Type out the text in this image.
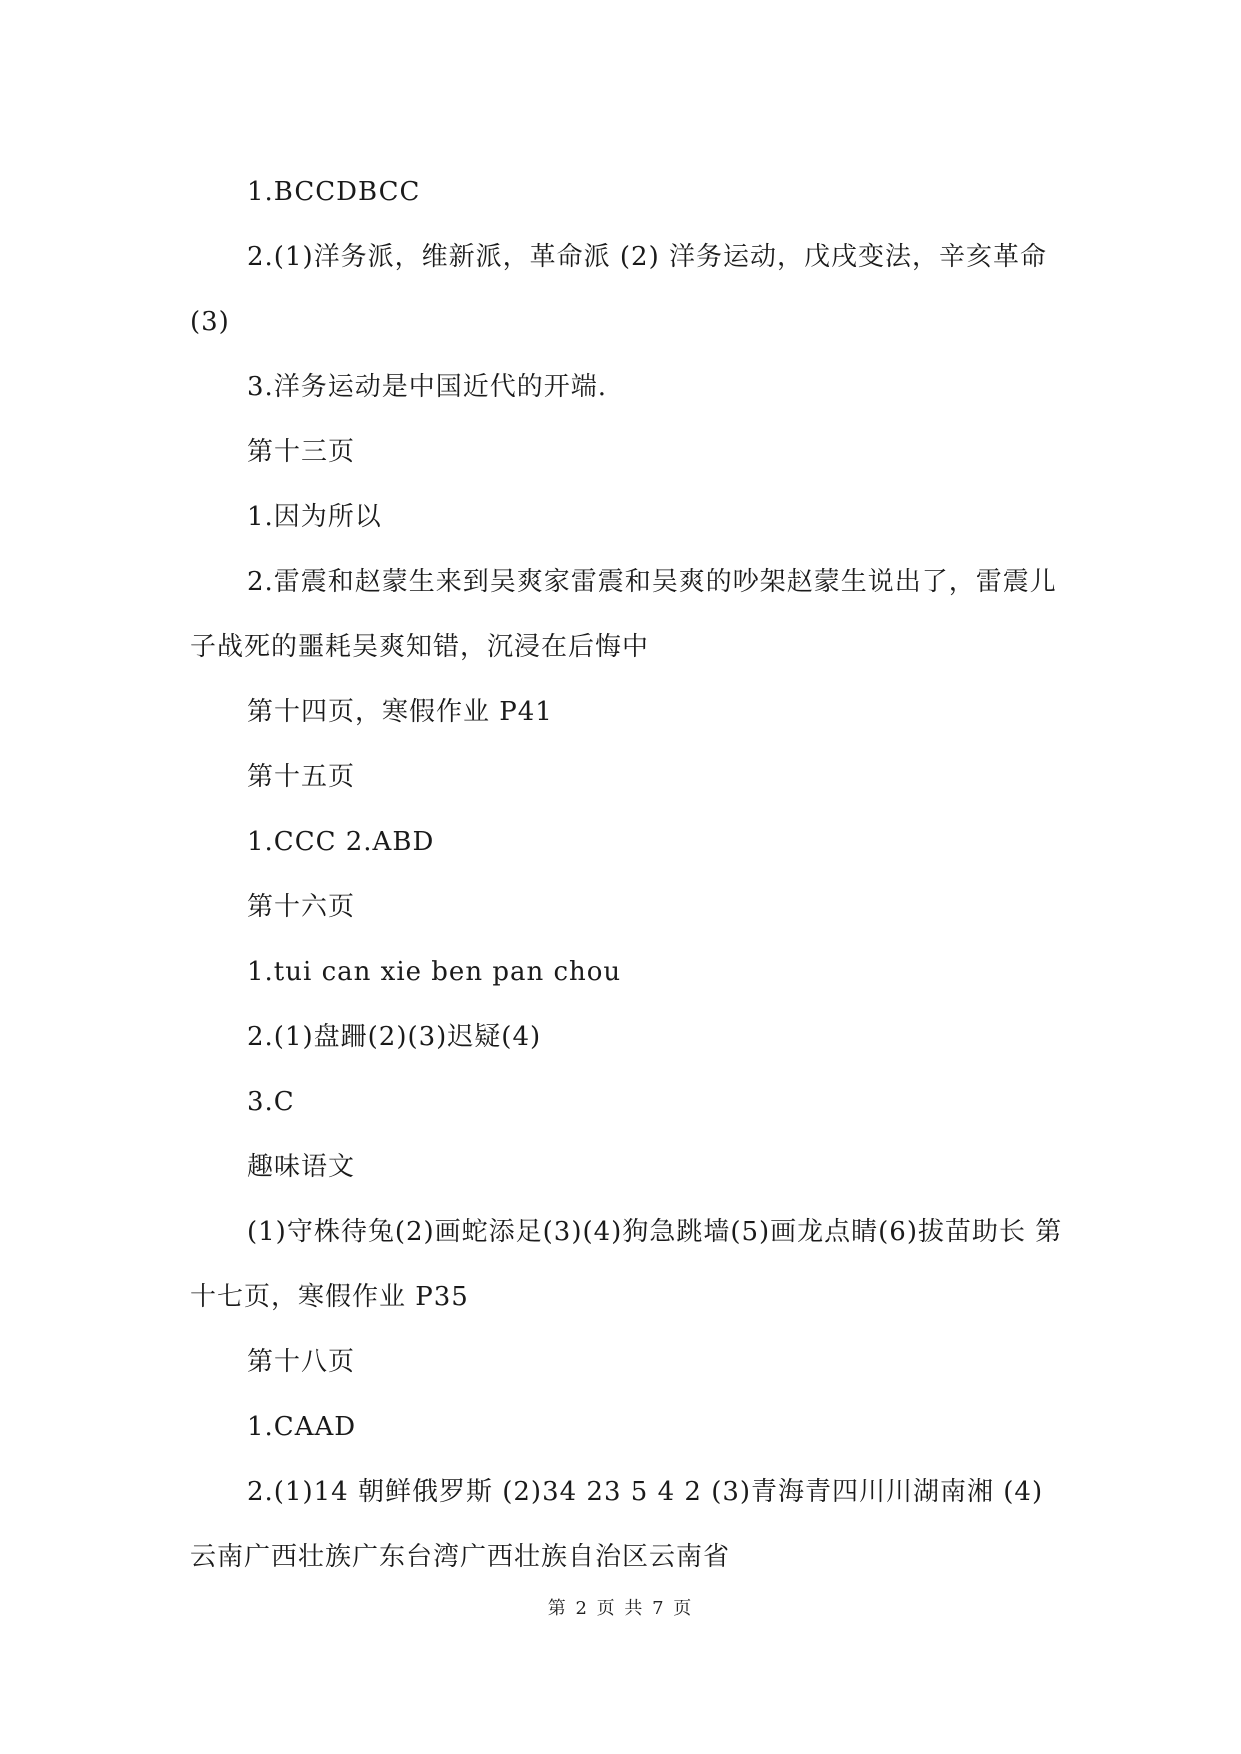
1.BCCDBCC

2.(1)洋务派，维新派，革命派 (2) 洋务运动，戊戌变法，辛亥革命 (3)

3.洋务运动是中国近代的开端.

第十三页

1.因为所以

2.雷震和赵蒙生来到吴爽家雷震和吴爽的吵架赵蒙生说出了，雷震儿子战死的噩耗吴爽知错，沉浸在后悔中

第十四页，寒假作业 P41

第十五页

1.CCC 2.ABD

第十六页

1.tui can xie ben pan chou

2.(1)盘跚(2)(3)迟疑(4)

3.C

趣味语文

(1)守株待兔(2)画蛇添足(3)(4)狗急跳墙(5)画龙点睛(6)拔苗助长 第十七页，寒假作业 P35

第十八页

1.CAAD

2.(1)14 朝鲜俄罗斯 (2)34 23 5 4 2 (3)青海青四川川湖南湘 (4)云南广西壮族广东台湾广西壮族自治区云南省

第 2 页 共 7 页
